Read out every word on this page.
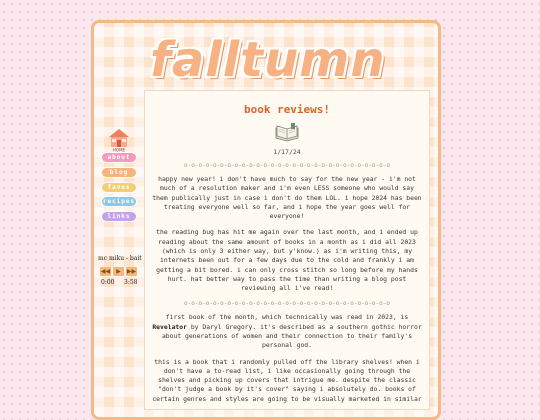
falltumn
HOME
about
blog
faves
recipes
links
mc miku - bait
◀◀	▶	▶▶
0:00 3:58
book reviews!
1/17/24
o-o-o-o-o-o-o-o-o-o-o-o-o-o-o-o-o-o-o-o-o-o-o-o-o-o-o-o-o

happy new year! i don't have much to say for the new year - i'm not much of a resolution maker and i'm even LESS someone who would say them publically just in case i don't do them LOL. i hope 2024 has been treating everyone well so far, and i hope the year goes well for everyone!

the reading bug has hit me again over the last month, and i ended up reading about the same amount of books in a month as i did all 2023 (which is only 3 either way, but y'know.) as i'm writing this, my internets been out for a few days due to the cold and frankly i am getting a bit bored. i can only cross stitch so long before my hands hurt. hat better way to pass the time than writing a blog post reviewing all i've read!

o-o-o-o-o-o-o-o-o-o-o-o-o-o-o-o-o-o-o-o-o-o-o-o-o-o-o-o-o

first book of the month, which technically was read in 2023, is Revelator by Daryl Gregory. it's described as a southern gothic horror about generations of women and their connection to their family's personal god.

this is a book that i randomly pulled off the library shelves! when i don't have a to-read list, i like occasionally going through the shelves and picking up covers that intrigue me. despite the classic "don't judge a book by it's cover" saying i absolutely do. books of certain genres and styles are going to be visually marketed in similar
